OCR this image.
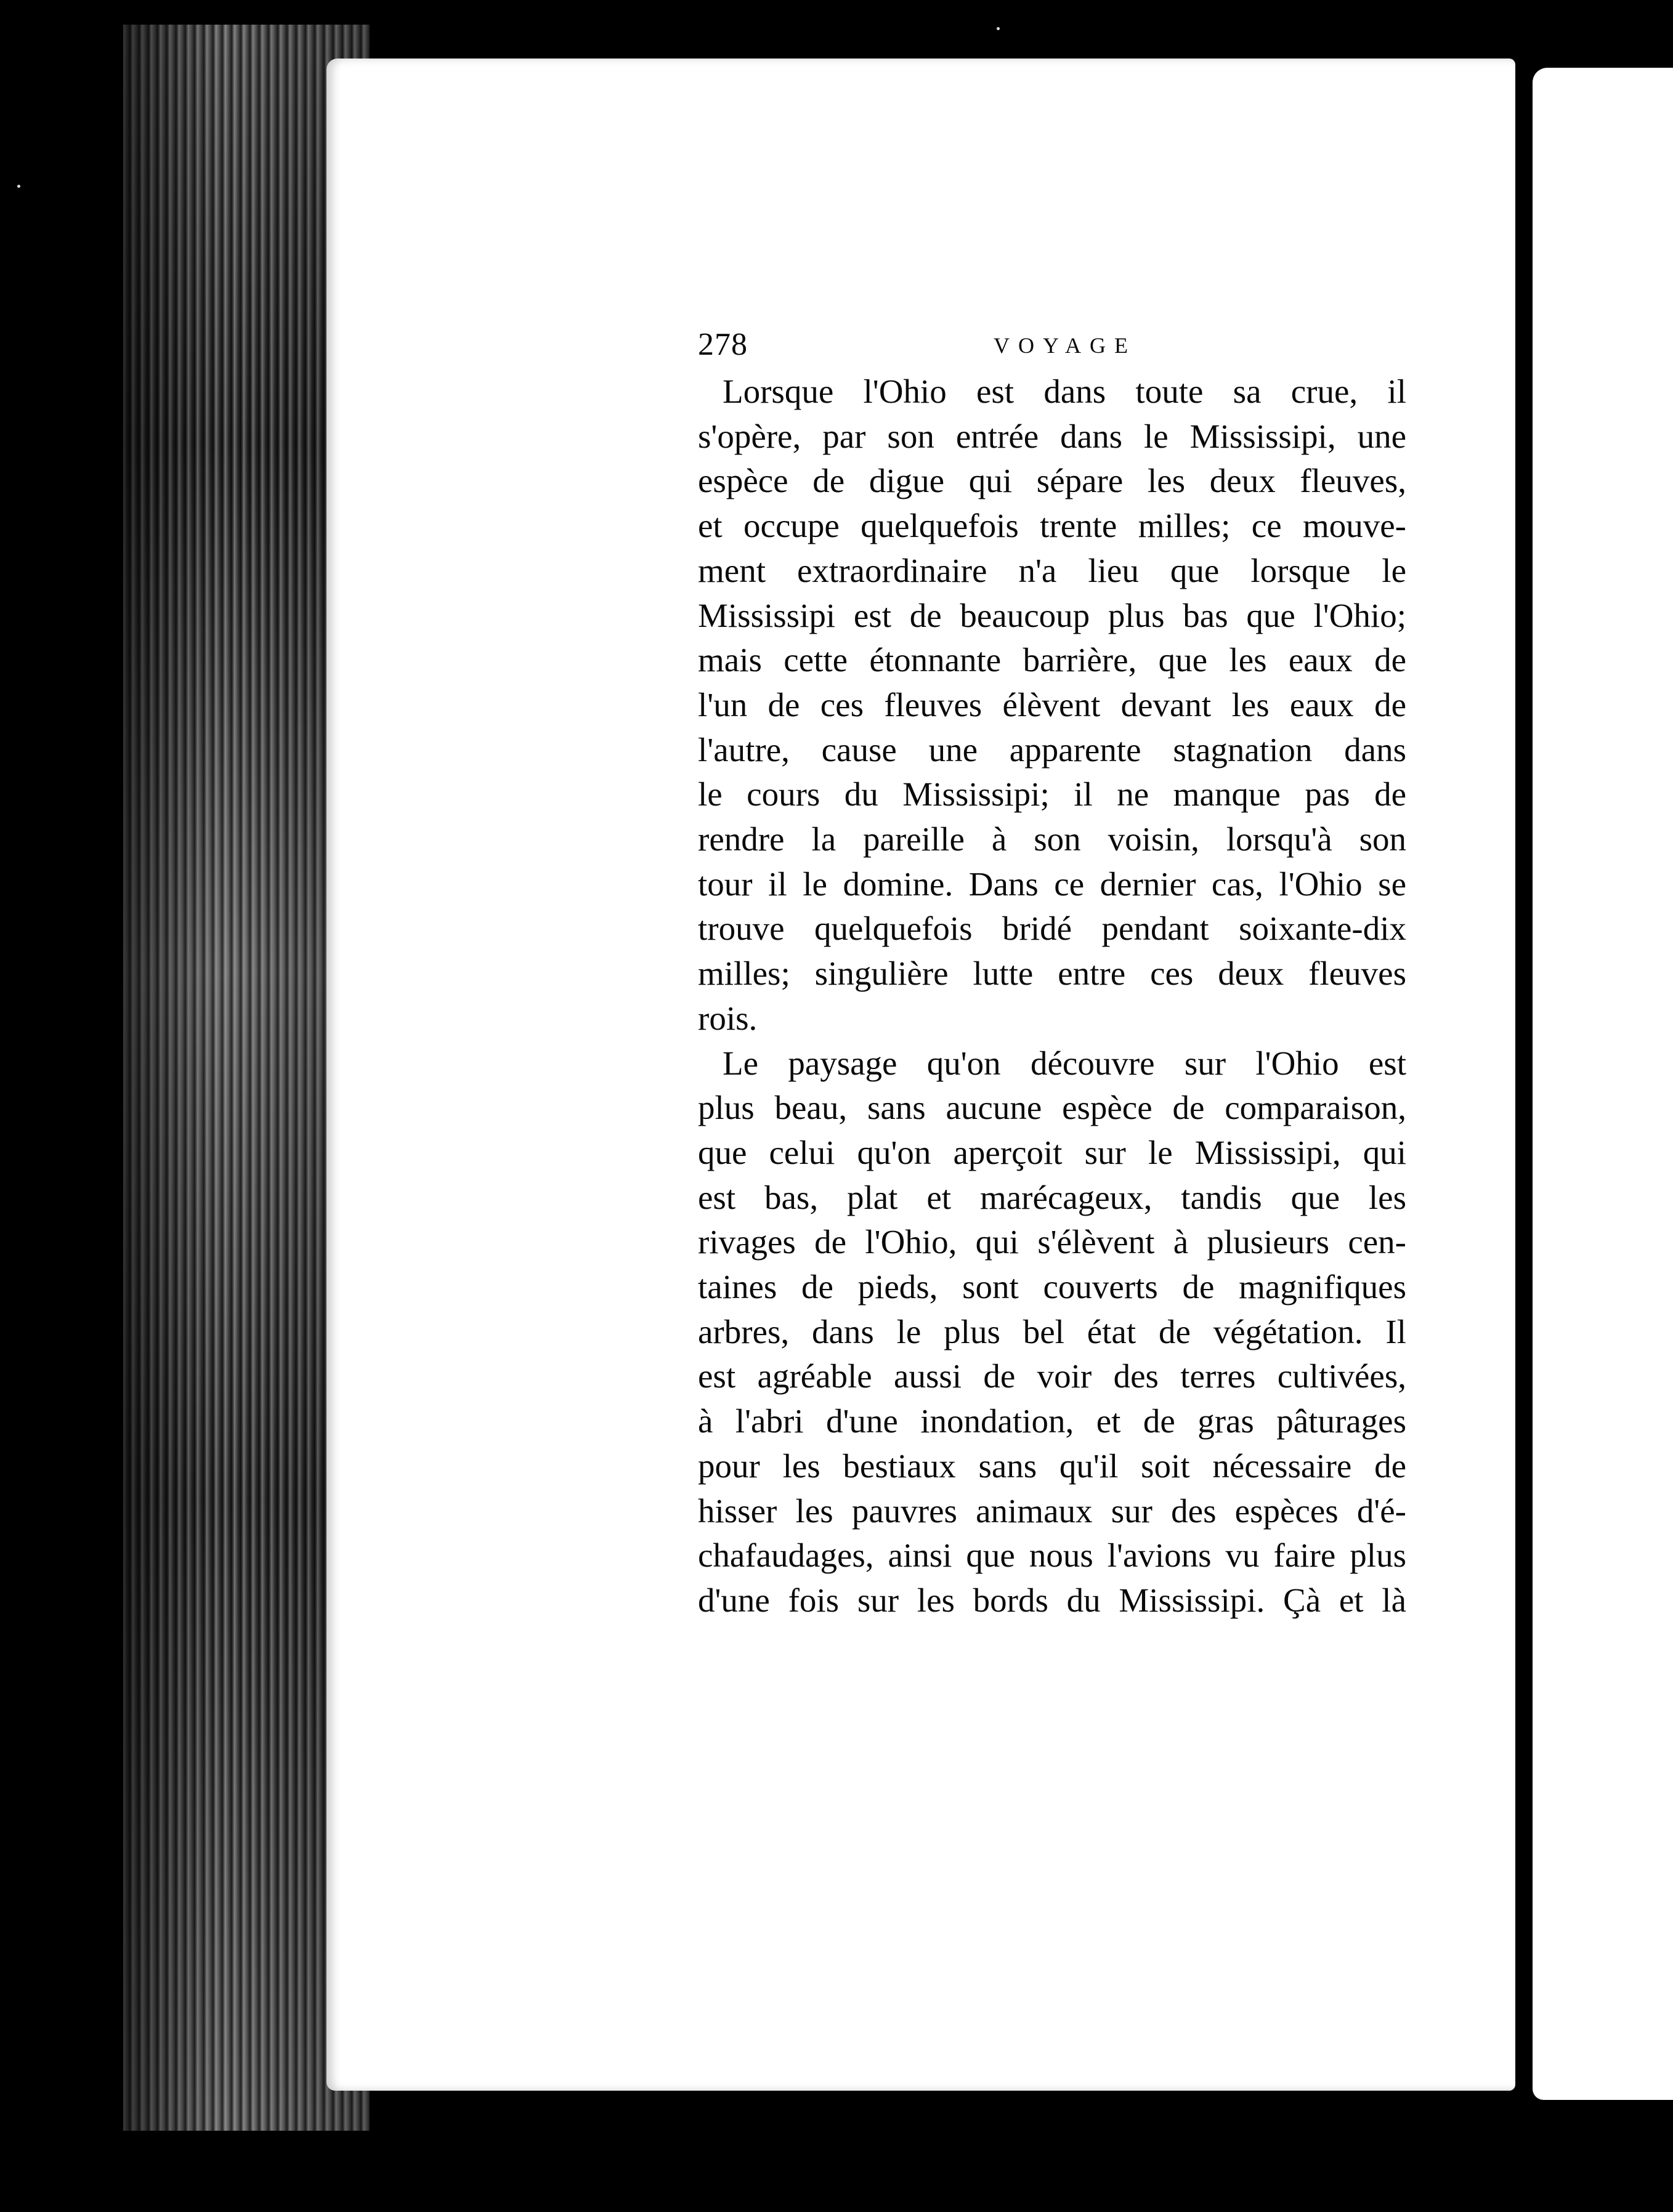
278	VOYAGE
Lorsque l'Ohio est dans toute sa crue, il
s'opère, par son entrée dans le Mississipi, une
espèce de digue qui sépare les deux fleuves,
et occupe quelquefois trente milles; ce mouve-
ment extraordinaire n'a lieu que lorsque le
Mississipi est de beaucoup plus bas que l'Ohio;
mais cette étonnante barrière, que les eaux de
l'un de ces fleuves élèvent devant les eaux de
l'autre, cause une apparente stagnation dans
le cours du Mississipi; il ne manque pas de
rendre la pareille à son voisin, lorsqu'à son
tour il le domine. Dans ce dernier cas, l'Ohio se
trouve quelquefois bridé pendant soixante-dix
milles; singulière lutte entre ces deux fleuves
rois.
Le paysage qu'on découvre sur l'Ohio est
plus beau, sans aucune espèce de comparaison,
que celui qu'on aperçoit sur le Mississipi, qui
est bas, plat et marécageux, tandis que les
rivages de l'Ohio, qui s'élèvent à plusieurs cen-
taines de pieds, sont couverts de magnifiques
arbres, dans le plus bel état de végétation. Il
est agréable aussi de voir des terres cultivées,
à l'abri d'une inondation, et de gras pâturages
pour les bestiaux sans qu'il soit nécessaire de
hisser les pauvres animaux sur des espèces d'é-
chafaudages, ainsi que nous l'avions vu faire plus
d'une fois sur les bords du Mississipi. Çà et là
